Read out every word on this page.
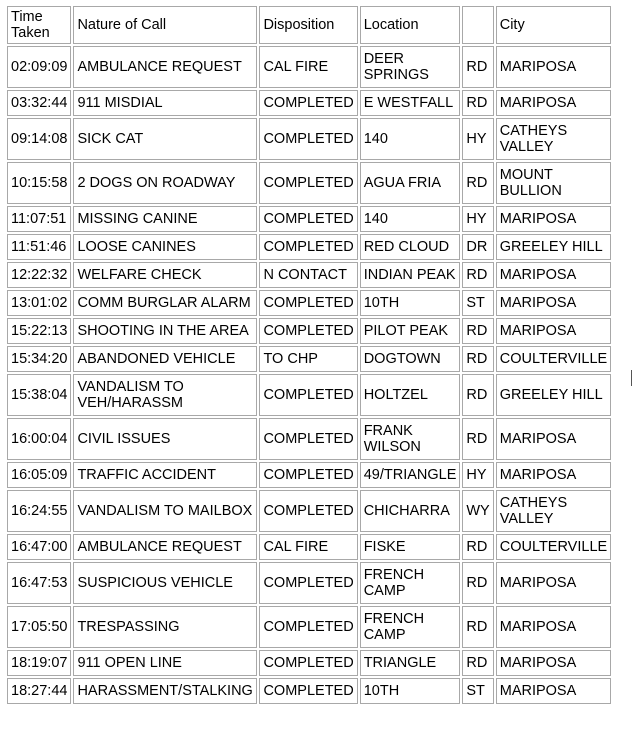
Time Taken	Nature of Call	Disposition	Location		City
02:09:09	AMBULANCE REQUEST	CAL FIRE	DEER SPRINGS	RD	MARIPOSA
03:32:44	911 MISDIAL	COMPLETED	E WESTFALL	RD	MARIPOSA
09:14:08	SICK CAT	COMPLETED	140	HY	CATHEYS VALLEY
10:15:58	2 DOGS ON ROADWAY	COMPLETED	AGUA FRIA	RD	MOUNT BULLION
11:07:51	MISSING CANINE	COMPLETED	140	HY	MARIPOSA
11:51:46	LOOSE CANINES	COMPLETED	RED CLOUD	DR	GREELEY HILL
12:22:32	WELFARE CHECK	N CONTACT	INDIAN PEAK	RD	MARIPOSA
13:01:02	COMM BURGLAR ALARM	COMPLETED	10TH	ST	MARIPOSA
15:22:13	SHOOTING IN THE AREA	COMPLETED	PILOT PEAK	RD	MARIPOSA
15:34:20	ABANDONED VEHICLE	TO CHP	DOGTOWN	RD	COULTERVILLE
15:38:04	VANDALISM TO VEH/HARASSM	COMPLETED	HOLTZEL	RD	GREELEY HILL
16:00:04	CIVIL ISSUES	COMPLETED	FRANK WILSON	RD	MARIPOSA
16:05:09	TRAFFIC ACCIDENT	COMPLETED	49/TRIANGLE	HY	MARIPOSA
16:24:55	VANDALISM TO MAILBOX	COMPLETED	CHICHARRA	WY	CATHEYS VALLEY
16:47:00	AMBULANCE REQUEST	CAL FIRE	FISKE	RD	COULTERVILLE
16:47:53	SUSPICIOUS VEHICLE	COMPLETED	FRENCH CAMP	RD	MARIPOSA
17:05:50	TRESPASSING	COMPLETED	FRENCH CAMP	RD	MARIPOSA
18:19:07	911 OPEN LINE	COMPLETED	TRIANGLE	RD	MARIPOSA
18:27:44	HARASSMENT/STALKING	COMPLETED	10TH	ST	MARIPOSA
